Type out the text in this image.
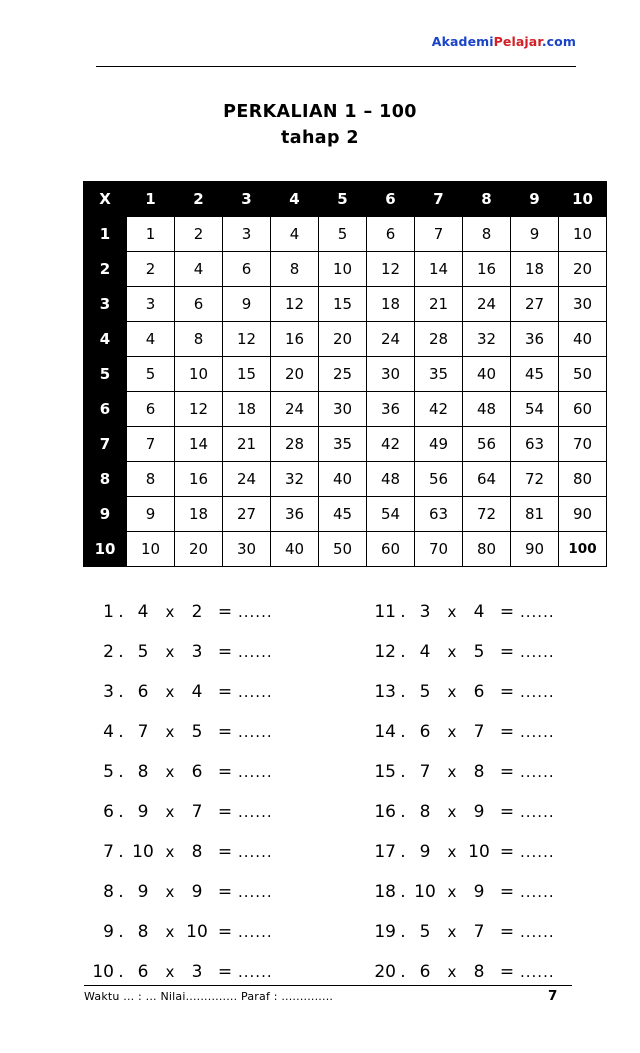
AkademiPelajar.com
PERKALIAN 1 – 100
tahap 2
X	1	2	3	4	5	6	7	8	9	10
1	1	2	3	4	5	6	7	8	9	10
2	2	4	6	8	10	12	14	16	18	20
3	3	6	9	12	15	18	21	24	27	30
4	4	8	12	16	20	24	28	32	36	40
5	5	10	15	20	25	30	35	40	45	50
6	6	12	18	24	30	36	42	48	54	60
7	7	14	21	28	35	42	49	56	63	70
8	8	16	24	32	40	48	56	64	72	80
9	9	18	27	36	45	54	63	72	81	90
10	10	20	30	40	50	60	70	80	90	100
1 . 4	x	2 = ......
2 . 5	x	3 = ......
3 . 6	x	4 = ......
4 . 7	x	5 = ......
5 . 8	x	6 = ......
6 . 9	x	7 = ......
7 . 10 x	8 = ......
8 . 9	x	9 = ......
9 . 8	x 10 = ......
10 . 6	x	3 = ......
11 . 3	x	4 = ......
12 . 4	x	5 = ......
13 . 5	x	6 = ......
14 . 6	x	7 = ......
15 . 7	x	8 = ......
16 . 8	x	9 = ......
17 . 9	x 10 = ......
18 . 10 x	9 = ......
19 . 5	x	7 = ......
20 . 6	x	8 = ......
Waktu ... : ... Nilai.............. Paraf : ..............	7
